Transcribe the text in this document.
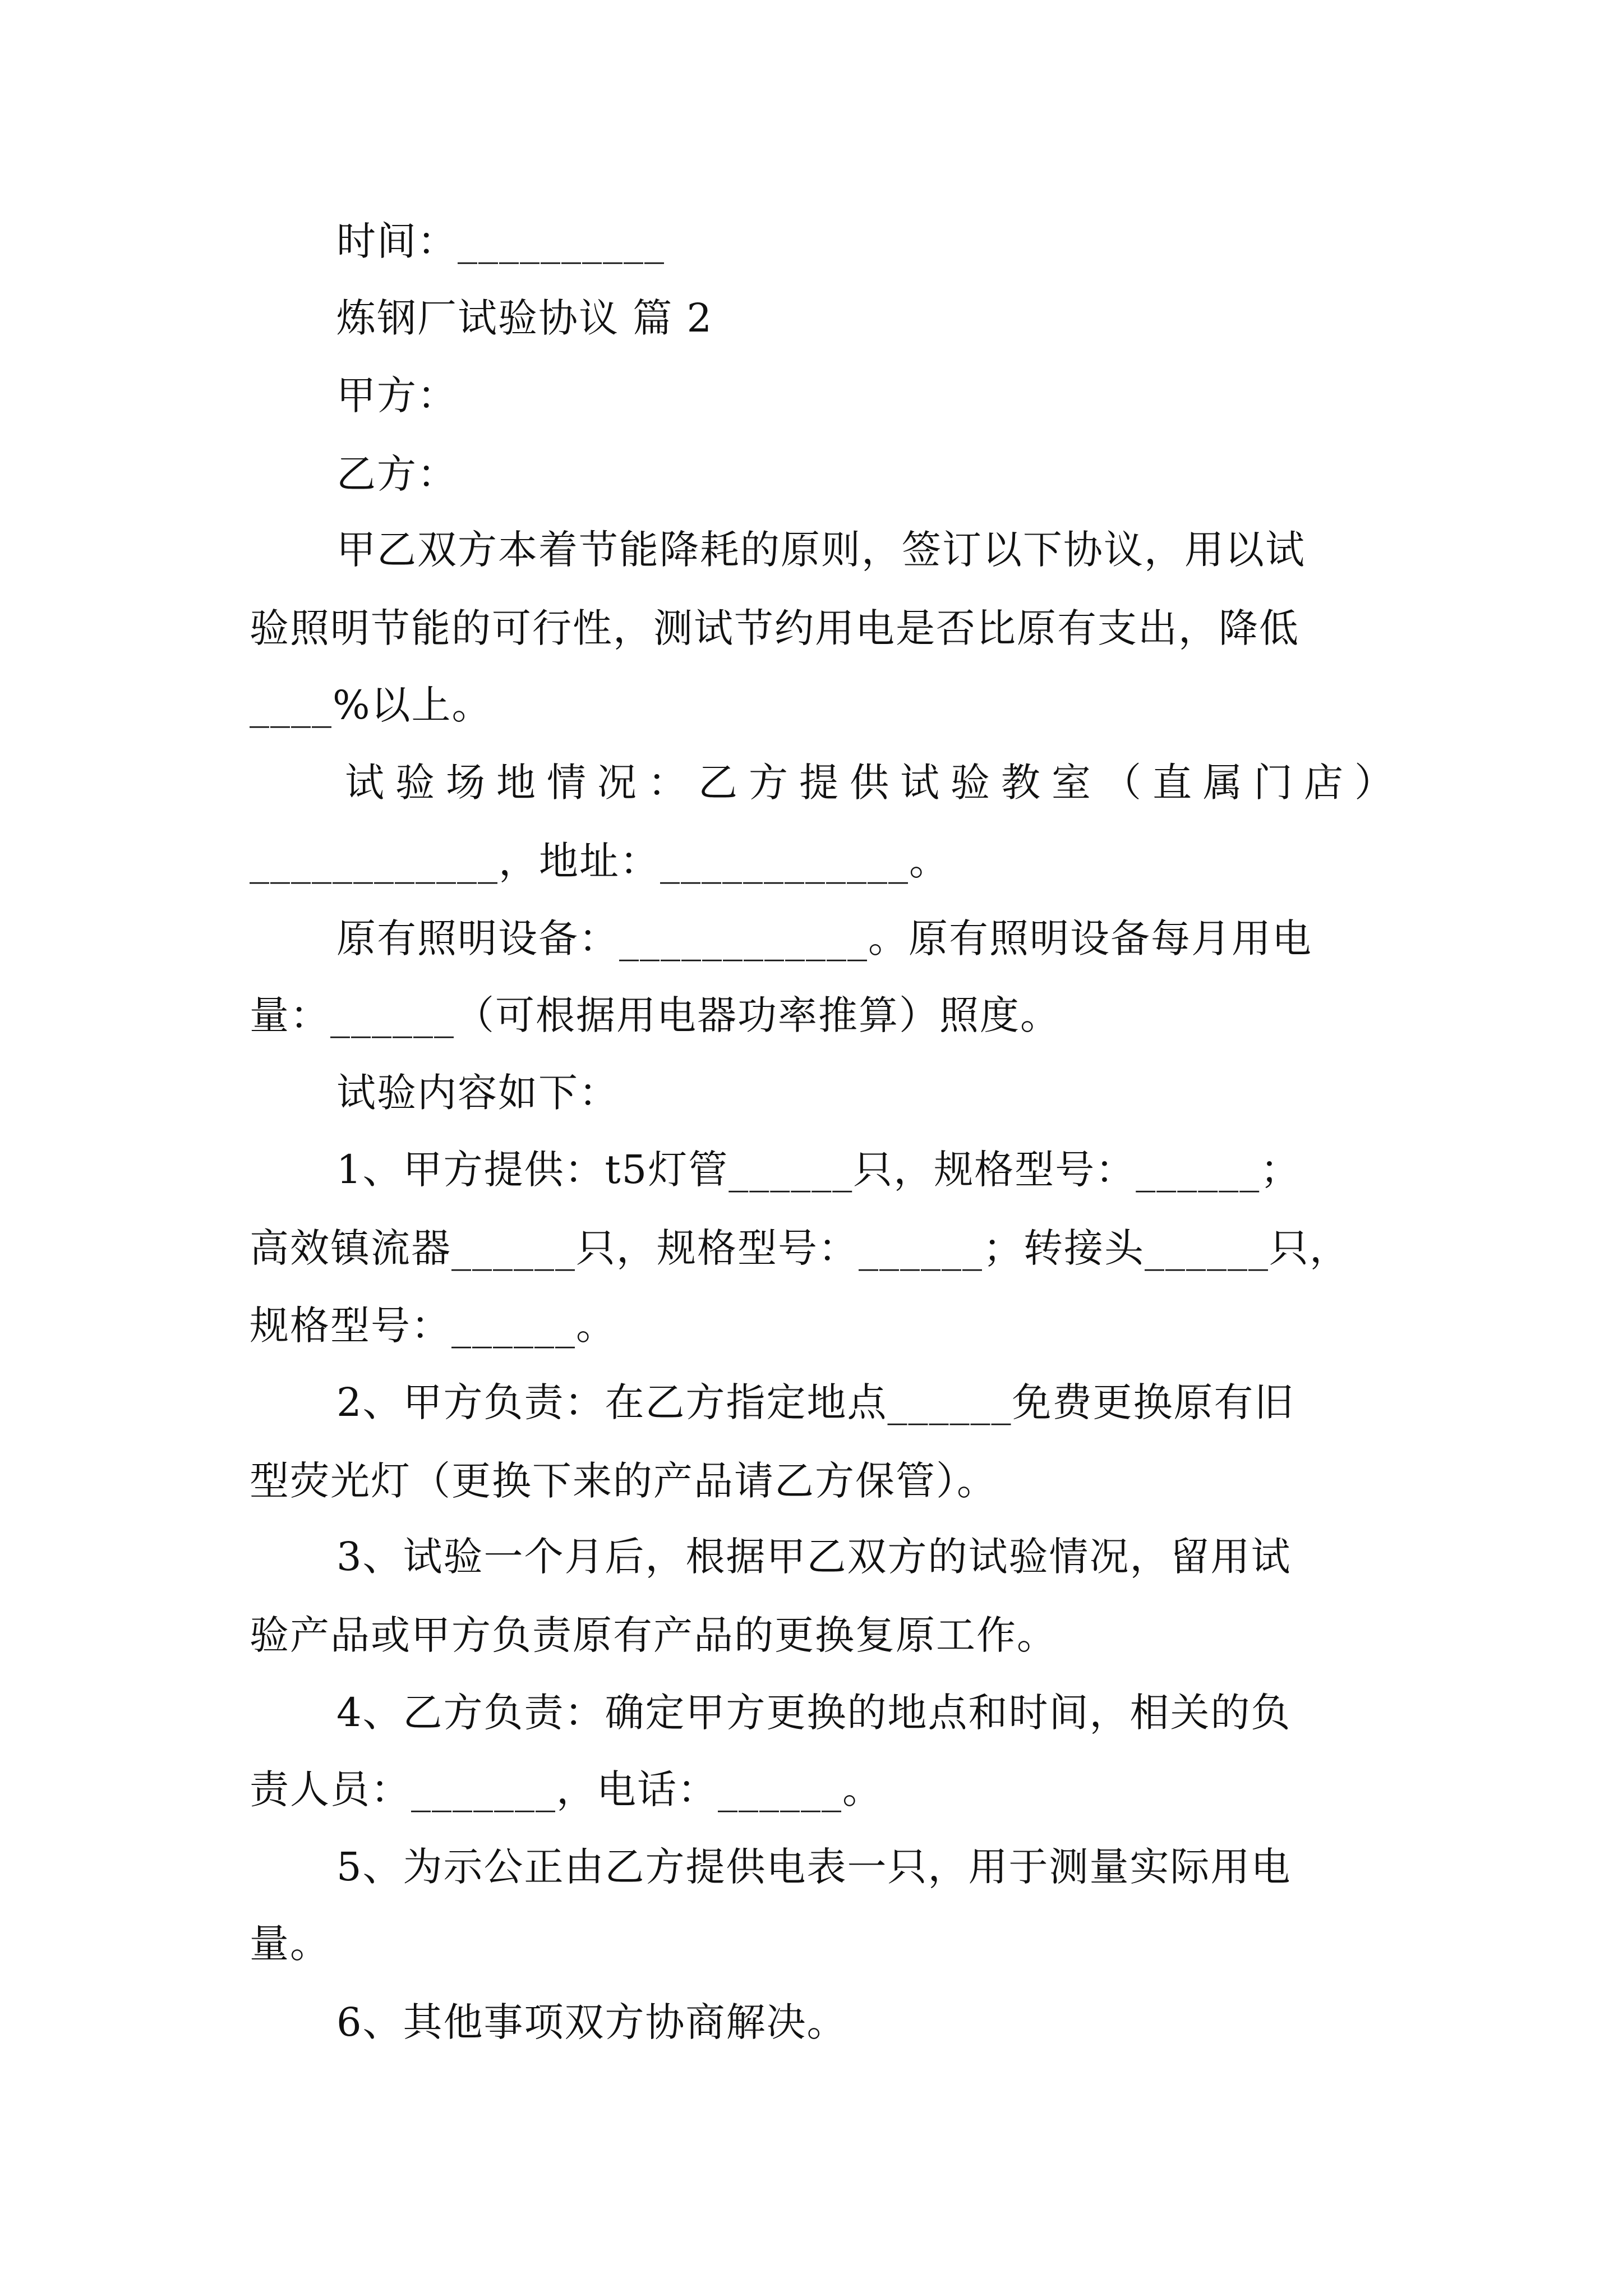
时间：__________
炼钢厂试验协议 篇 2
甲方：
乙方：
甲乙双方本着节能降耗的原则，签订以下协议，用以试
验照明节能的可行性，测试节约用电是否比原有支出，降低
____%以上。
试验场地情况：乙方提供试验教室（直属门店）
____________，地址：____________。
原有照明设备：____________。原有照明设备每月用电
量：______（可根据用电器功率推算）照度。
试验内容如下：
1、甲方提供：t5灯管______只，规格型号：______；
高效镇流器______只，规格型号：______；转接头______只，
规格型号：______。
2、甲方负责：在乙方指定地点______免费更换原有旧
型荧光灯（更换下来的产品请乙方保管）。
3、试验一个月后，根据甲乙双方的试验情况，留用试
验产品或甲方负责原有产品的更换复原工作。
4、乙方负责：确定甲方更换的地点和时间，相关的负
责人员：_______，电话：______。
5、为示公正由乙方提供电表一只，用于测量实际用电
量。
6、其他事项双方协商解决。
